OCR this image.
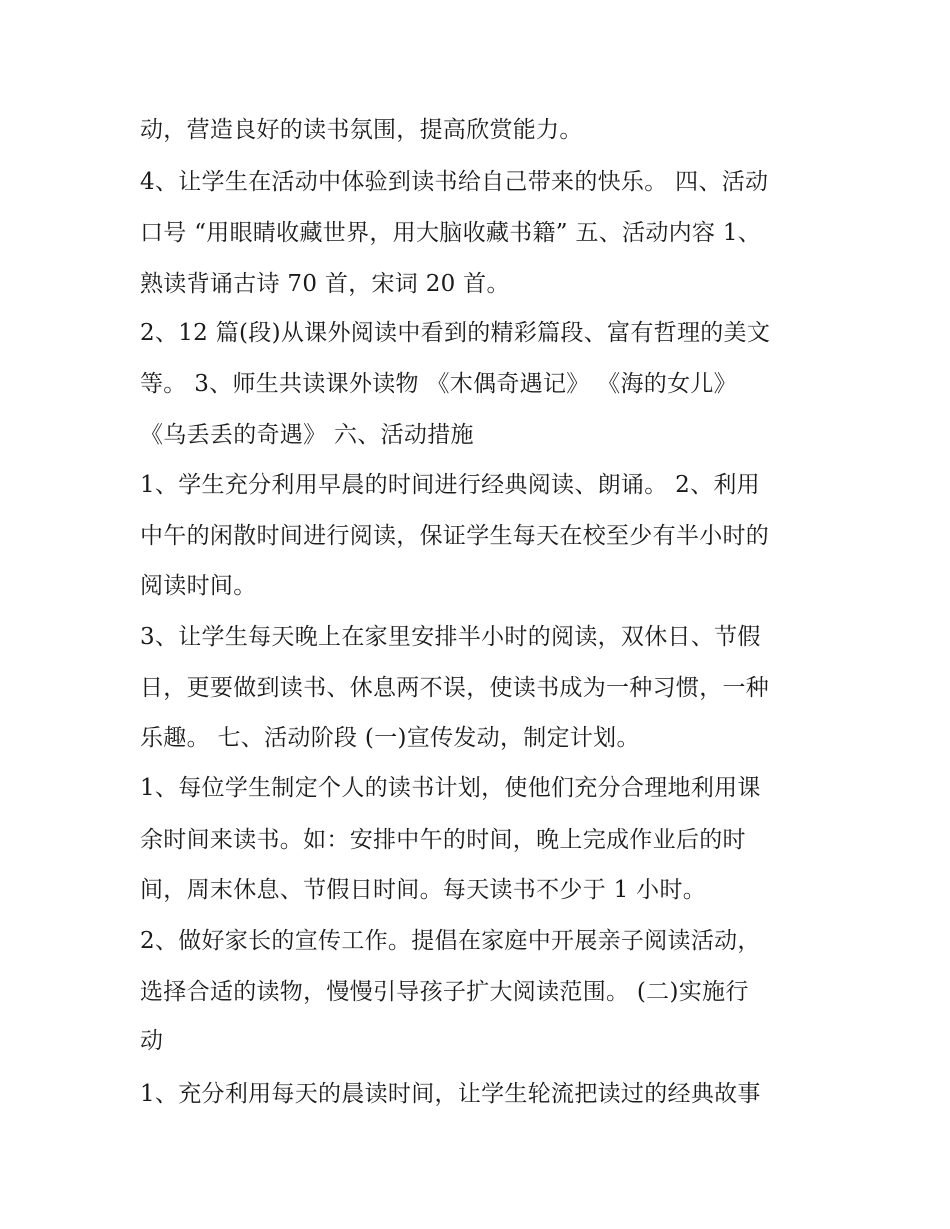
动，营造良好的读书氛围，提高欣赏能力。
4、让学生在活动中体验到读书给自己带来的快乐。 四、活动
口号 “用眼睛收藏世界，用大脑收藏书籍” 五、活动内容 1、
熟读背诵古诗 70 首，宋词 20 首。
2、12 篇(段)从课外阅读中看到的精彩篇段、富有哲理的美文
等。 3、师生共读课外读物 《木偶奇遇记》 《海的女儿》
《乌丢丢的奇遇》 六、活动措施
1、学生充分利用早晨的时间进行经典阅读、朗诵。 2、利用
中午的闲散时间进行阅读，保证学生每天在校至少有半小时的
阅读时间。
3、让学生每天晚上在家里安排半小时的阅读，双休日、节假
日，更要做到读书、休息两不误，使读书成为一种习惯，一种
乐趣。 七、活动阶段 (一)宣传发动，制定计划。
1、每位学生制定个人的读书计划，使他们充分合理地利用课
余时间来读书。如：安排中午的时间，晚上完成作业后的时
间，周末休息、节假日时间。每天读书不少于 1 小时。
2、做好家长的宣传工作。提倡在家庭中开展亲子阅读活动，
选择合适的读物，慢慢引导孩子扩大阅读范围。 (二)实施行
动
1、充分利用每天的晨读时间，让学生轮流把读过的经典故事
